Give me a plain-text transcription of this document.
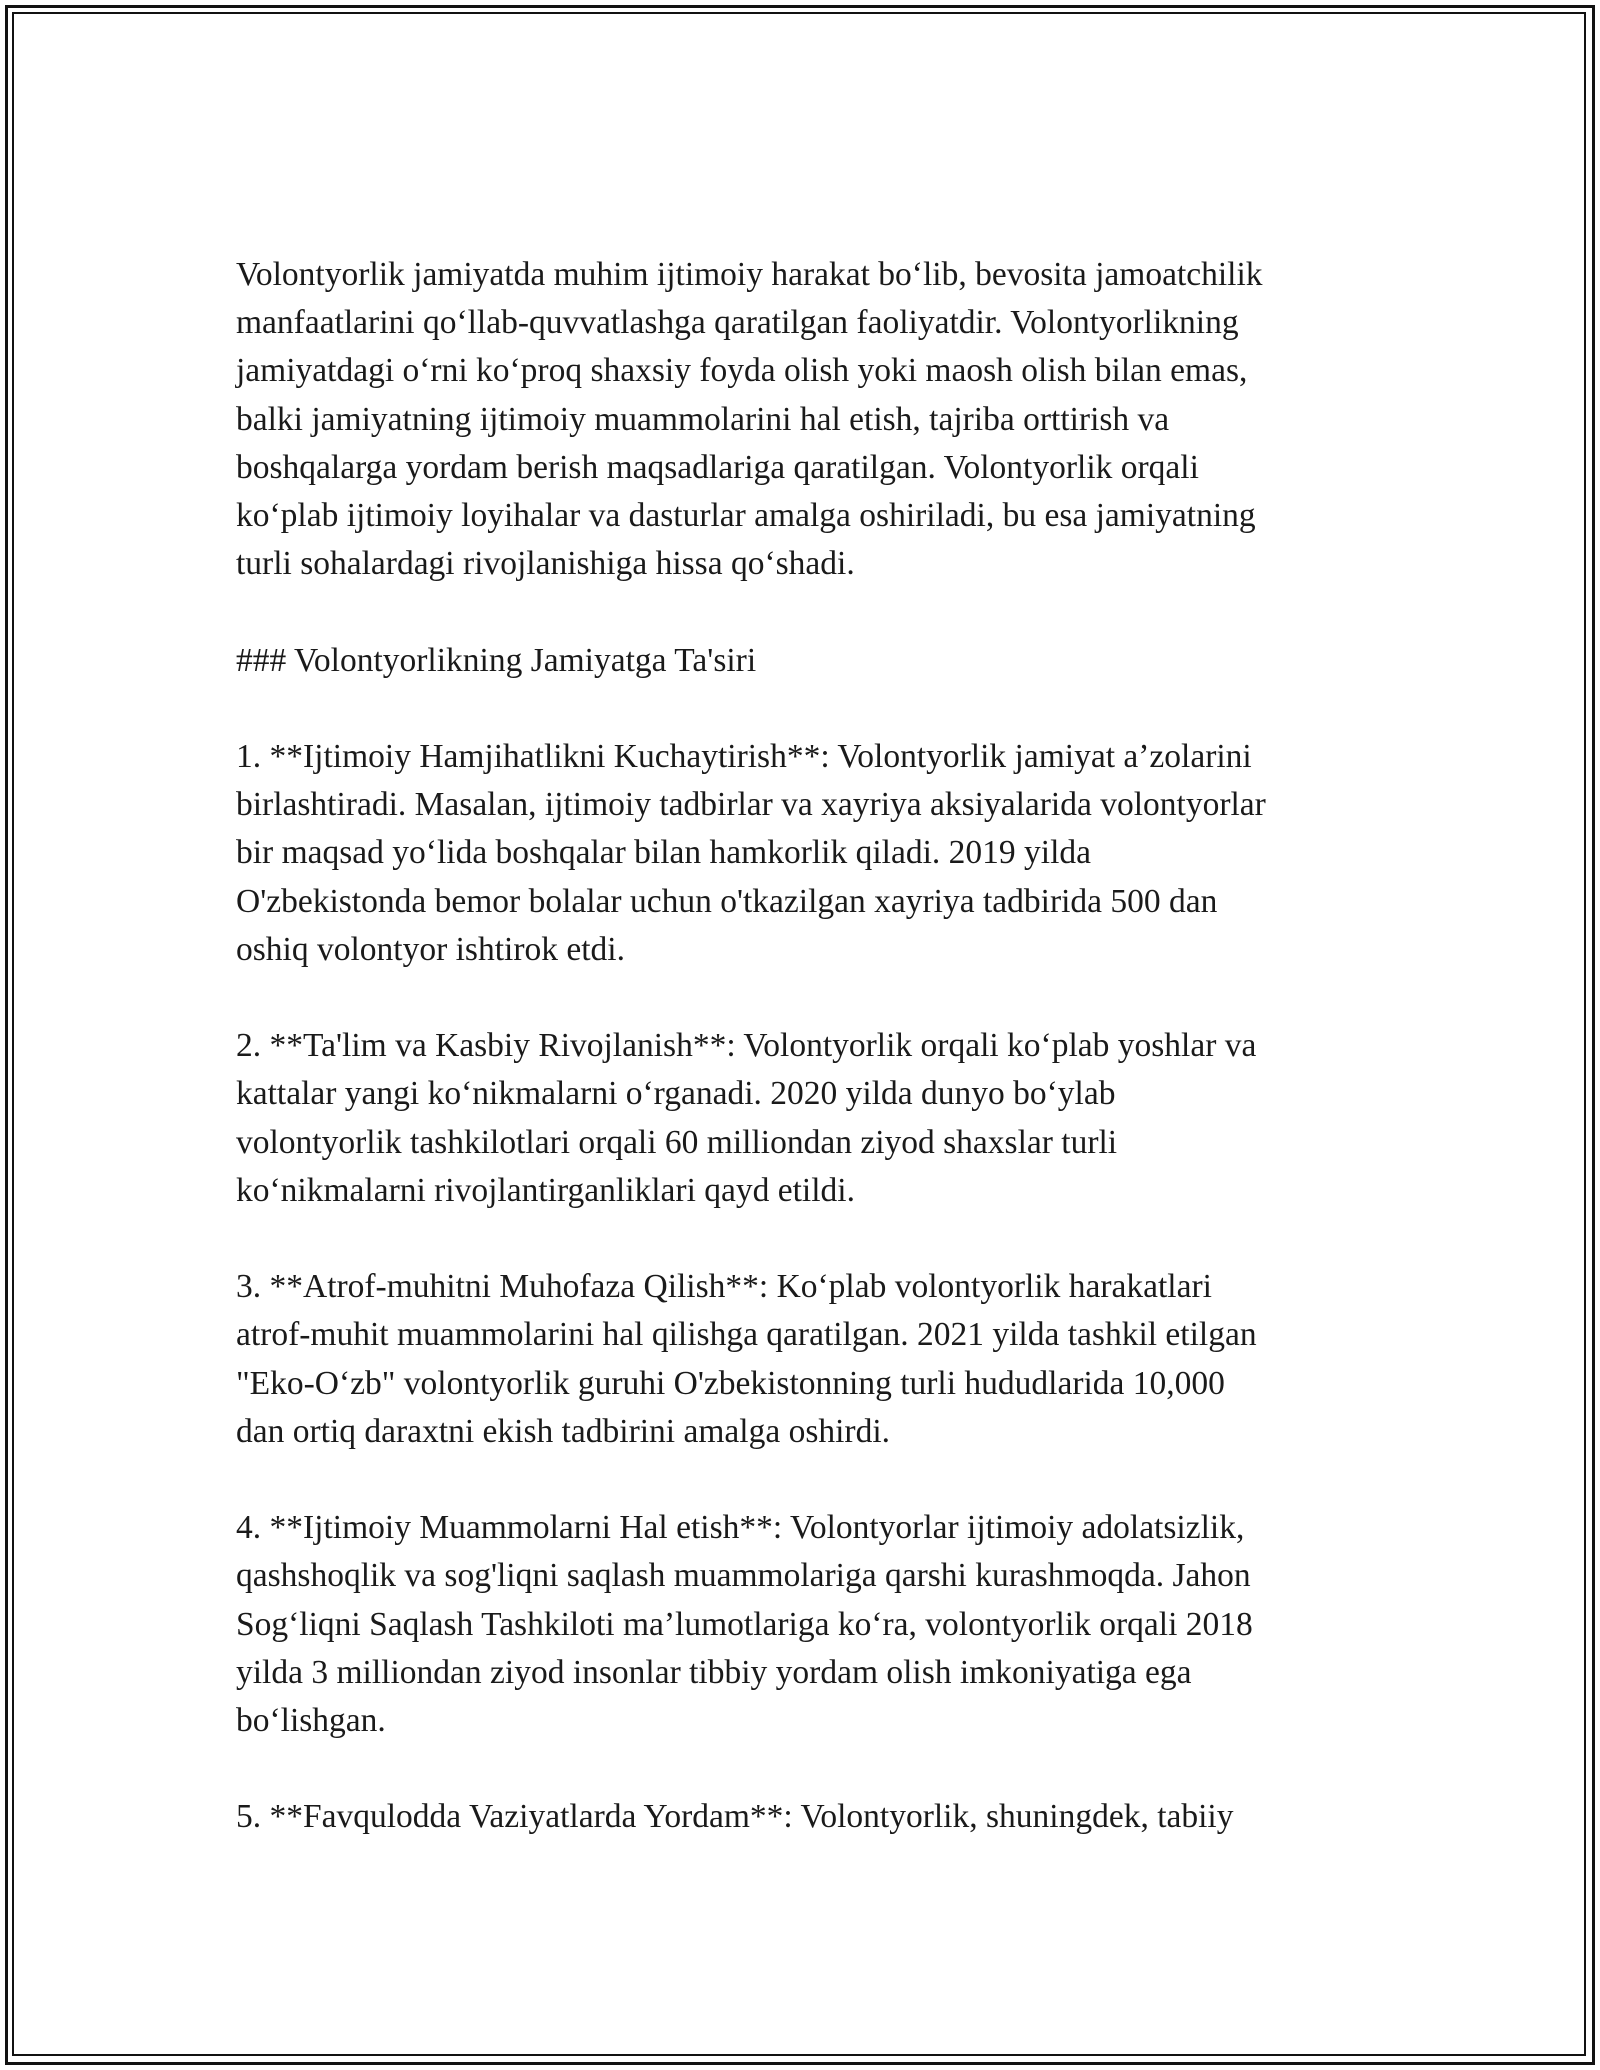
Volontyorlik jamiyatda muhim ijtimoiy harakat bo‘lib, bevosita jamoatchilik
manfaatlarini qo‘llab-quvvatlashga qaratilgan faoliyatdir. Volontyorlikning
jamiyatdagi o‘rni ko‘proq shaxsiy foyda olish yoki maosh olish bilan emas,
balki jamiyatning ijtimoiy muammolarini hal etish, tajriba orttirish va
boshqalarga yordam berish maqsadlariga qaratilgan. Volontyorlik orqali
ko‘plab ijtimoiy loyihalar va dasturlar amalga oshiriladi, bu esa jamiyatning
turli sohalardagi rivojlanishiga hissa qo‘shadi.

### Volontyorlikning Jamiyatga Ta'siri

1. **Ijtimoiy Hamjihatlikni Kuchaytirish**: Volontyorlik jamiyat a’zolarini
birlashtiradi. Masalan, ijtimoiy tadbirlar va xayriya aksiyalarida volontyorlar
bir maqsad yo‘lida boshqalar bilan hamkorlik qiladi. 2019 yilda
O'zbekistonda bemor bolalar uchun o'tkazilgan xayriya tadbirida 500 dan
oshiq volontyor ishtirok etdi.

2. **Ta'lim va Kasbiy Rivojlanish**: Volontyorlik orqali ko‘plab yoshlar va
kattalar yangi ko‘nikmalarni o‘rganadi. 2020 yilda dunyo bo‘ylab
volontyorlik tashkilotlari orqali 60 milliondan ziyod shaxslar turli
ko‘nikmalarni rivojlantirganliklari qayd etildi.

3. **Atrof-muhitni Muhofaza Qilish**: Ko‘plab volontyorlik harakatlari
atrof-muhit muammolarini hal qilishga qaratilgan. 2021 yilda tashkil etilgan
"Eko-O‘zb" volontyorlik guruhi O'zbekistonning turli hududlarida 10,000
dan ortiq daraxtni ekish tadbirini amalga oshirdi.

4. **Ijtimoiy Muammolarni Hal etish**: Volontyorlar ijtimoiy adolatsizlik,
qashshoqlik va sog'liqni saqlash muammolariga qarshi kurashmoqda. Jahon
Sog‘liqni Saqlash Tashkiloti ma’lumotlariga ko‘ra, volontyorlik orqali 2018
yilda 3 milliondan ziyod insonlar tibbiy yordam olish imkoniyatiga ega
bo‘lishgan.

5. **Favqulodda Vaziyatlarda Yordam**: Volontyorlik, shuningdek, tabiiy
